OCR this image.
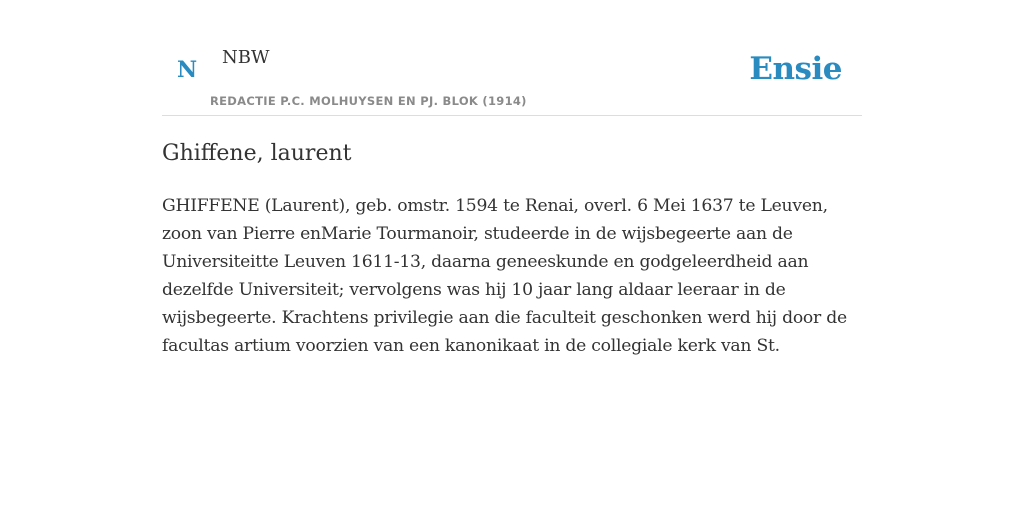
N NBW
REDACTIE P.C. MOLHUYSEN EN PJ. BLOK (1914)
Ensie
Ghiffene, laurent

GHIFFENE (Laurent), geb. omstr. 1594 te Renai, overl. 6 Mei 1637 te Leuven, zoon van Pierre enMarie Tourmanoir, studeerde in de wijsbegeerte aan de Universiteitte Leuven 1611-13, daarna geneeskunde en godgeleerdheid aan dezelfde Universiteit; vervolgens was hij 10 jaar lang aldaar leeraar in de wijsbegeerte. Krachtens privilegie aan die faculteit geschonken werd hij door de facultas artium voorzien van een kanonikaat in de collegiale kerk van St.
